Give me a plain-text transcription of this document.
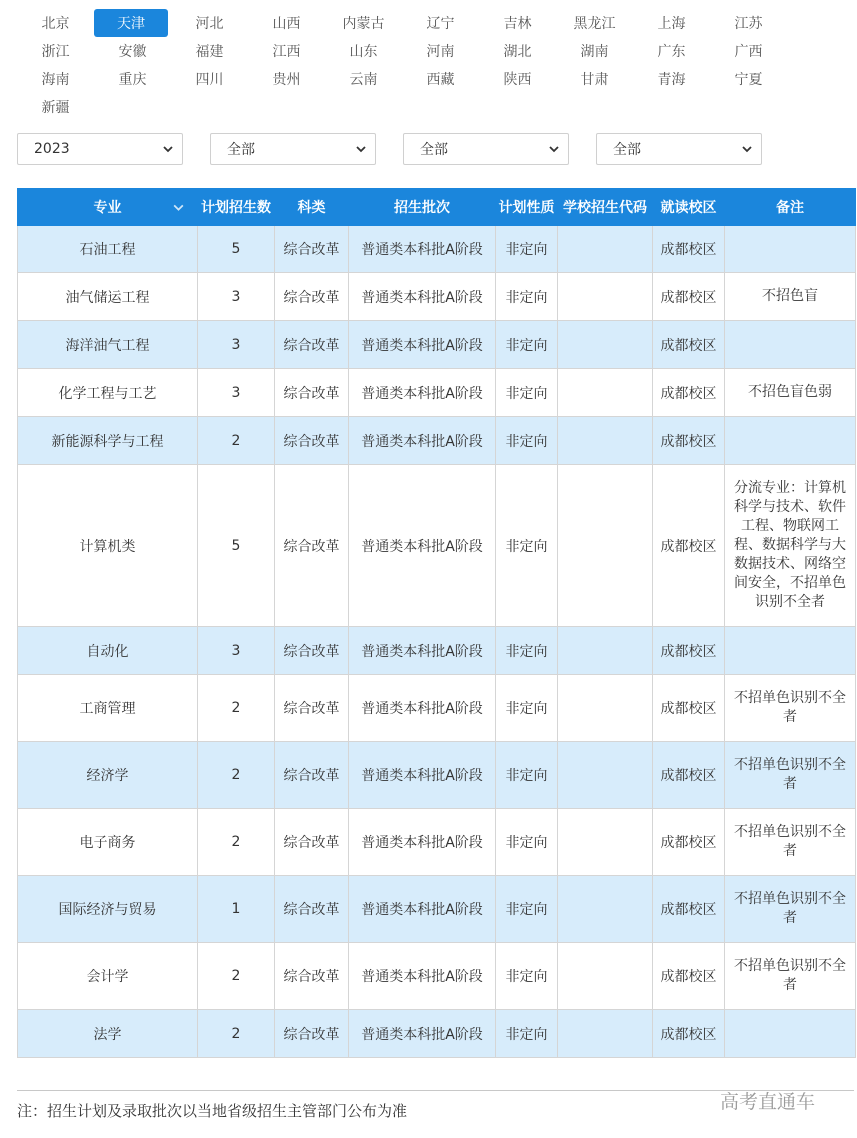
北京	天津	河北	山西	内蒙古	辽宁	吉林	黑龙江	上海	江苏
浙江	安徽	福建	江西	山东	河南	湖北	湖南	广东	广西
海南	重庆	四川	贵州	云南	西藏	陕西	甘肃	青海	宁夏
新疆
2023	全部	全部	全部
专业	计划招生数	科类	招生批次	计划性质	学校招生代码	就读校区	备注
石油工程	5	综合改革	普通类本科批A阶段	非定向		成都校区	
油气储运工程	3	综合改革	普通类本科批A阶段	非定向		成都校区	不招色盲
海洋油气工程	3	综合改革	普通类本科批A阶段	非定向		成都校区	
化学工程与工艺	3	综合改革	普通类本科批A阶段	非定向		成都校区	不招色盲色弱
新能源科学与工程	2	综合改革	普通类本科批A阶段	非定向		成都校区	
计算机类	5	综合改革	普通类本科批A阶段	非定向		成都校区	分流专业：计算机科学与技术、软件工程、物联网工程、数据科学与大数据技术、网络空间安全，不招单色识别不全者
自动化	3	综合改革	普通类本科批A阶段	非定向		成都校区	
工商管理	2	综合改革	普通类本科批A阶段	非定向		成都校区	不招单色识别不全者
经济学	2	综合改革	普通类本科批A阶段	非定向		成都校区	不招单色识别不全者
电子商务	2	综合改革	普通类本科批A阶段	非定向		成都校区	不招单色识别不全者
国际经济与贸易	1	综合改革	普通类本科批A阶段	非定向		成都校区	不招单色识别不全者
会计学	2	综合改革	普通类本科批A阶段	非定向		成都校区	不招单色识别不全者
法学	2	综合改革	普通类本科批A阶段	非定向		成都校区	
注：招生计划及录取批次以当地省级招生主管部门公布为准	高考直通车
